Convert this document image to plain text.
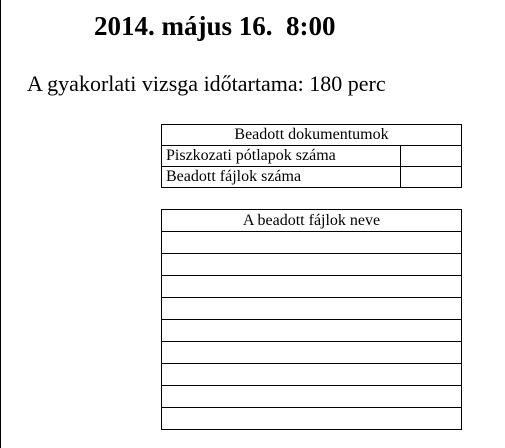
2014. május 16.  8:00

A gyakorlati vizsga időtartama: 180 perc

Beadott dokumentumok	
Piszkozati pótlapok száma	
Beadott fájlok száma	
A beadott fájlok neve
